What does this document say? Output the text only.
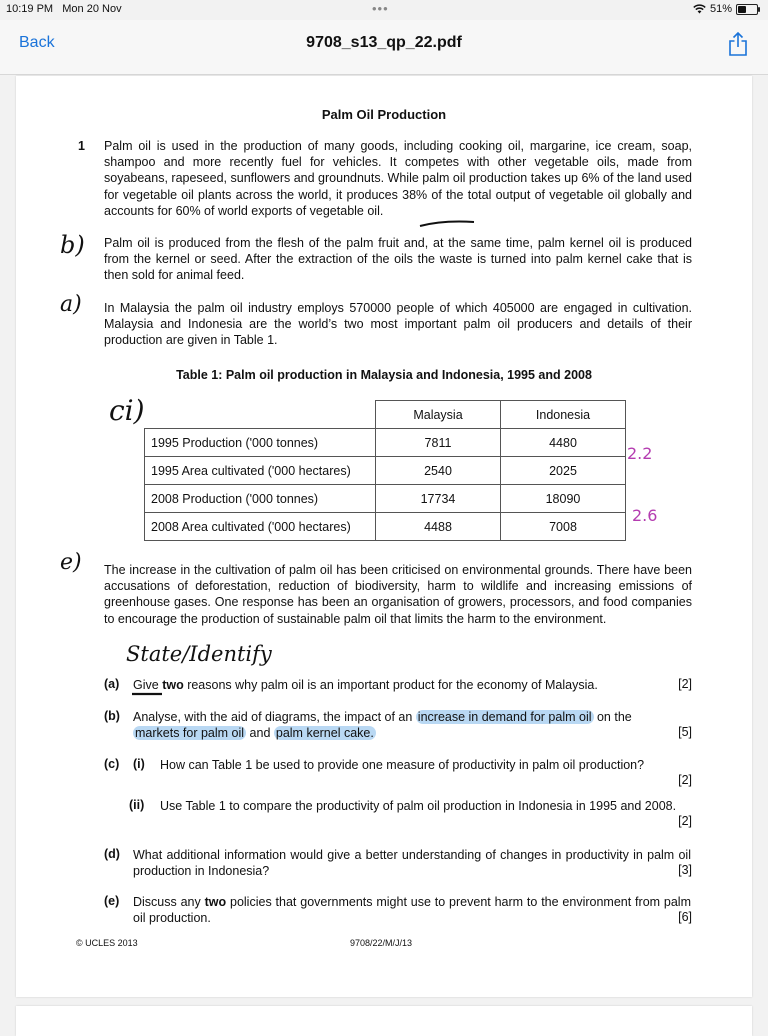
10:19 PM Mon 20 Nov	•••	51%
Back	9708_s13_qp_22.pdf
Palm Oil Production
1 Palm oil is used in the production of many goods, including cooking oil, margarine, ice cream, soap, shampoo and more recently fuel for vehicles. It competes with other vegetable oils, made from soyabeans, rapeseed, sunflowers and groundnuts. While palm oil production takes up 6% of the land used for vegetable oil plants across the world, it produces 38% of the total output of vegetable oil globally and accounts for 60% of world exports of vegetable oil.
Palm oil is produced from the flesh of the palm fruit and, at the same time, palm kernel oil is produced from the kernel or seed. After the extraction of the oils the waste is turned into palm kernel cake that is then sold for animal feed.
In Malaysia the palm oil industry employs 570000 people of which 405000 are engaged in cultivation. Malaysia and Indonesia are the world’s two most important palm oil producers and details of their production are given in Table 1.
Table 1: Palm oil production in Malaysia and Indonesia, 1995 and 2008
	Malaysia	Indonesia
1995 Production ('000 tonnes)	7811	4480
1995 Area cultivated ('000 hectares)	2540	2025
2008 Production ('000 tonnes)	17734	18090
2008 Area cultivated ('000 hectares)	4488	7008
The increase in the cultivation of palm oil has been criticised on environmental grounds. There have been accusations of deforestation, reduction of biodiversity, harm to wildlife and increasing emissions of greenhouse gases. One response has been an organisation of growers, processors, and food companies to encourage the production of sustainable palm oil that limits the harm to the environment.
(a) Give two reasons why palm oil is an important product for the economy of Malaysia.	[2]
(b) Analyse, with the aid of diagrams, the impact of an increase in demand for palm oil on the
markets for palm oil and palm kernel cake.	[5]
(c) (i) How can Table 1 be used to provide one measure of productivity in palm oil production?
[2]
(ii) Use Table 1 to compare the productivity of palm oil production in Indonesia in 1995 and 2008.
[2]
(d) What additional information would give a better understanding of changes in productivity in palm oil production in Indonesia?	[3]
(e) Discuss any two policies that governments might use to prevent harm to the environment from palm oil production.	[6]
© UCLES 2013	9708/22/M/J/13
b)
a)
ci)
e)
State/Identify
2.2
2.6
